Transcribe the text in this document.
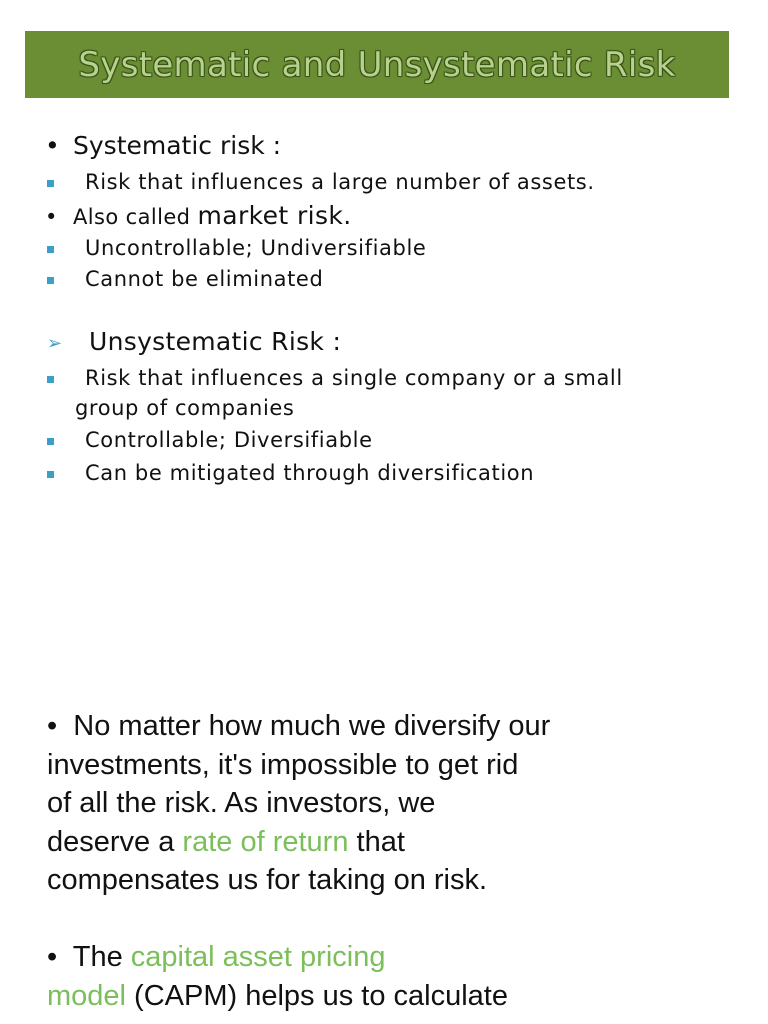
Systematic and Unsystematic Risk
• Systematic risk :
Risk that influences a large number of assets.
• Also called market risk.
Uncontrollable; Undiversifiable
Cannot be eliminated
➢ Unsystematic Risk :
Risk that influences a single company or a small
group of companies
Controllable; Diversifiable
Can be mitigated through diversification
• No matter how much we diversify our
investments, it's impossible to get rid
of all the risk. As investors, we
deserve a rate of return that
compensates us for taking on risk.
• The capital asset pricing
model (CAPM) helps us to calculate
